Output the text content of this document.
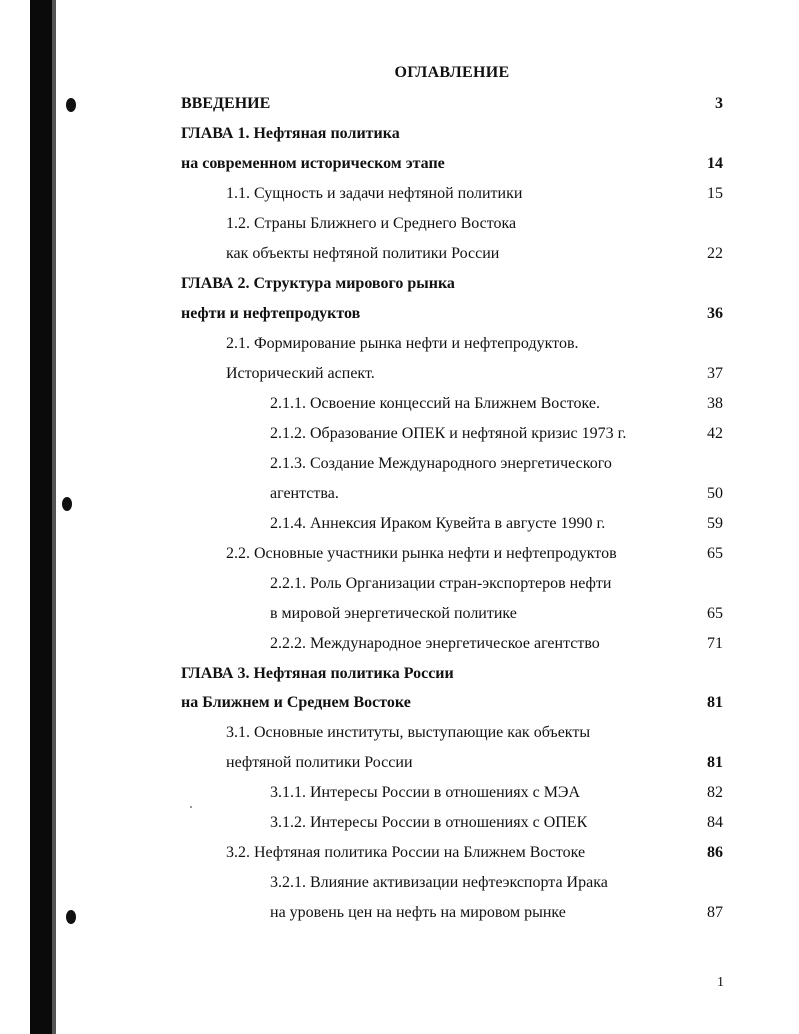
ОГЛАВЛЕНИЕ
ВВЕДЕНИЕ	3
ГЛАВА 1. Нефтяная политика
на современном историческом этапе	14
1.1. Сущность и задачи нефтяной политики	15
1.2. Страны Ближнего и Среднего Востока
как объекты нефтяной политики России	22
ГЛАВА 2. Структура мирового рынка
нефти и нефтепродуктов	36
2.1. Формирование рынка нефти и нефтепродуктов.
Исторический аспект.	37
2.1.1. Освоение концессий на Ближнем Востоке.	38
2.1.2. Образование ОПЕК и нефтяной кризис 1973 г.	42
2.1.3. Создание Международного энергетического
агентства.	50
2.1.4. Аннексия Ираком Кувейта в августе 1990 г.	59
2.2. Основные участники рынка нефти и нефтепродуктов	65
2.2.1. Роль Организации стран-экспортеров нефти
в мировой энергетической политике	65
2.2.2. Международное энергетическое агентство	71
ГЛАВА 3. Нефтяная политика России
на Ближнем и Среднем Востоке	81
3.1. Основные институты, выступающие как объекты
нефтяной политики России	81
3.1.1. Интересы России в отношениях с МЭА	82
3.1.2. Интересы России в отношениях с ОПЕК	84
3.2. Нефтяная политика России на Ближнем Востоке	86
3.2.1. Влияние активизации нефтеэкспорта Ирака
на уровень цен на нефть на мировом рынке	87
1
